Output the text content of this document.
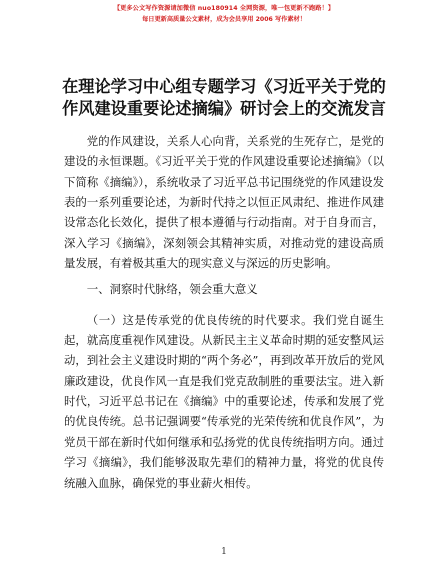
【更多公文写作资源请加微信 nuo180914 全网资源，唯一包更新不跑路！】
每日更新高质量公文素材，成为会员享用 2006 写作素材！
在理论学习中心组专题学习《习近平关于党的
作风建设重要论述摘编》研讨会上的交流发言

党的作风建设，关系人心向背，关系党的生死存亡，是党的建设的永恒课题。《习近平关于党的作风建设重要论述摘编》（以下简称《摘编》），系统收录了习近平总书记围绕党的作风建设发表的一系列重要论述，为新时代持之以恒正风肃纪、推进作风建设常态化长效化，提供了根本遵循与行动指南。对于自身而言，深入学习《摘编》，深刻领会其精神实质，对推动党的建设高质量发展，有着极其重大的现实意义与深远的历史影响。

一、洞察时代脉络，领会重大意义

（一）这是传承党的优良传统的时代要求。我们党自诞生起，就高度重视作风建设。从新民主主义革命时期的延安整风运动，到社会主义建设时期的“两个务必”，再到改革开放后的党风廉政建设，优良作风一直是我们党克敌制胜的重要法宝。进入新时代，习近平总书记在《摘编》中的重要论述，传承和发展了党的优良传统。总书记强调要“传承党的光荣传统和优良作风”，为党员干部在新时代如何继承和弘扬党的优良传统指明方向。通过学习《摘编》，我们能够汲取先辈们的精神力量，将党的优良传统融入血脉，确保党的事业薪火相传。

1
